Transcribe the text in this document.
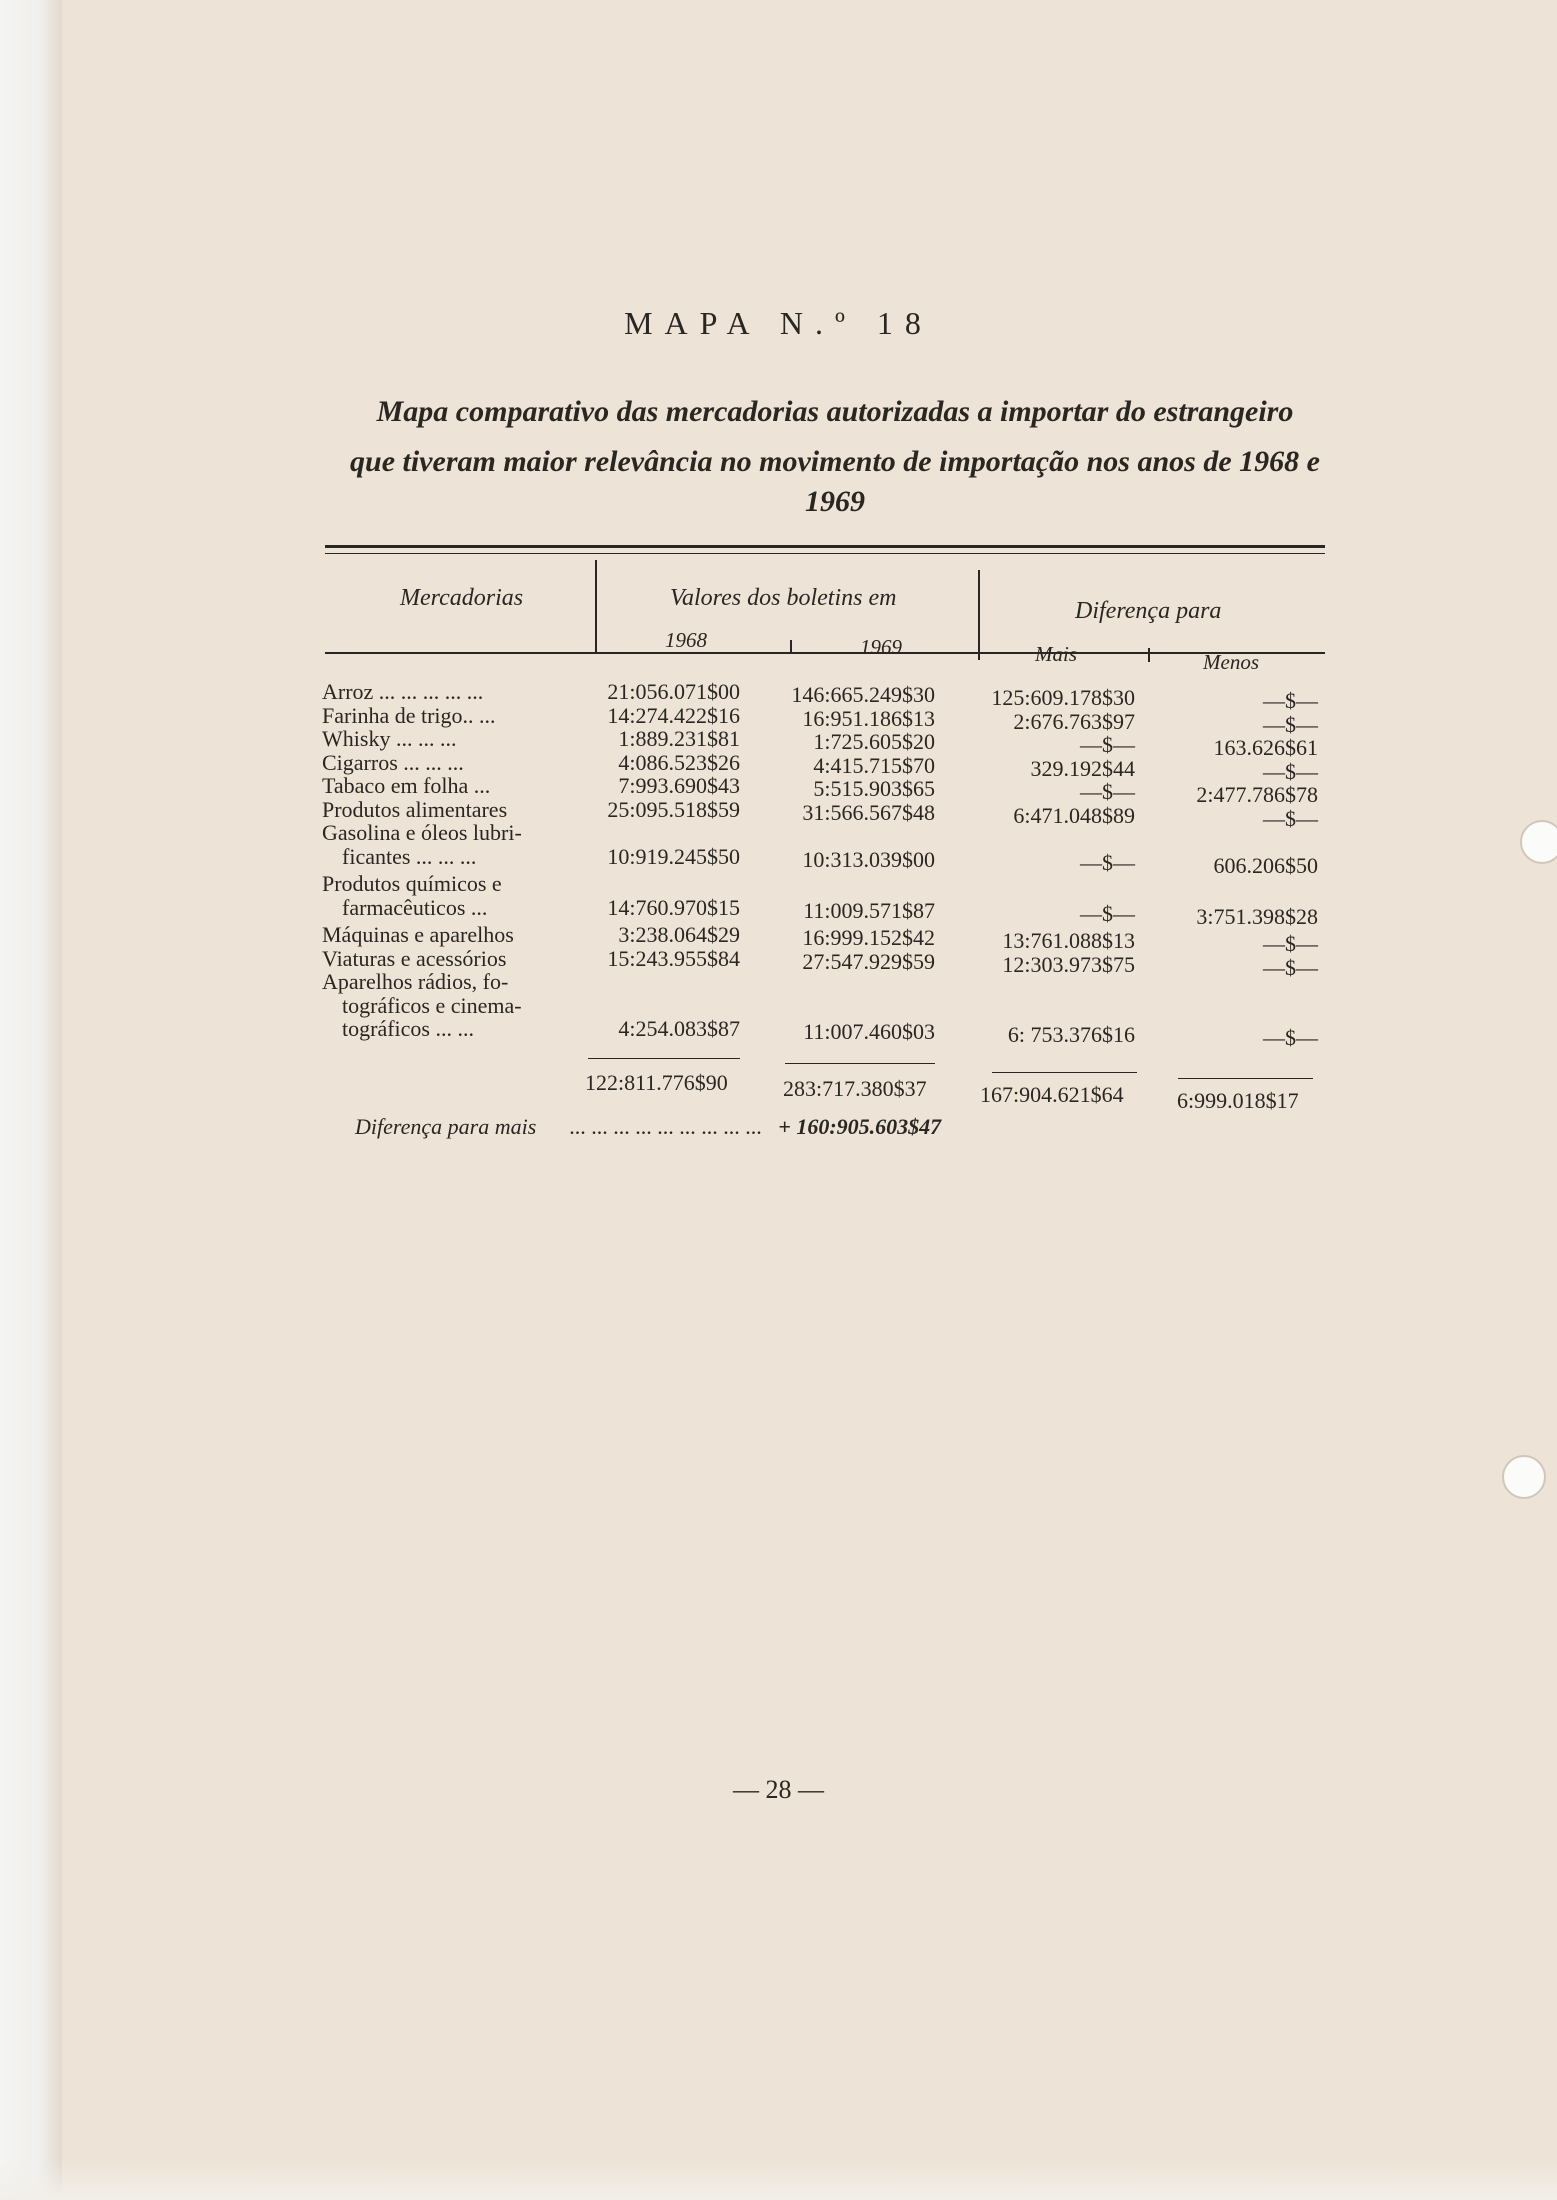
MAPA N.º 18
Mapa comparativo das mercadorias autorizadas a importar do estrangeiro
que tiveram maior relevância no movimento de importação nos anos de 1968 e 1969
Mercadorias	Valores dos boletins em
1968	1969
Diferença para
Mais	Menos
Arroz ... ... ... ... ...	21:056.071$00	146:665.249$30	125:609.178$30	—$—
Farinha de trigo.. ...	14:274.422$16	16:951.186$13	2:676.763$97	—$—
Whisky ... ... ...	1:889.231$81	1:725.605$20	—$—	163.626$61
Cigarros ... ... ...	4:086.523$26	4:415.715$70	329.192$44	—$—
Tabaco em folha ...	7:993.690$43	5:515.903$65	—$—	2:477.786$78
Produtos alimentares	25:095.518$59	31:566.567$48	6:471.048$89	—$—
Gasolina e óleos lubri-
ficantes ... ... ...	10:919.245$50	10:313.039$00	—$—	606.206$50
Produtos químicos e
farmacêuticos ...	14:760.970$15	11:009.571$87	—$—	3:751.398$28
Máquinas e aparelhos	3:238.064$29	16:999.152$42	13:761.088$13	—$—
Viaturas e acessórios	15:243.955$84	27:547.929$59	12:303.973$75	—$—
Aparelhos rádios, fo-
tográficos e cinema-
tográficos ... ...	4:254.083$87	11:007.460$03	6: 753.376$16	—$—
122:811.776$90	283:717.380$37 167:904.621$64 6:999.018$17
Diferença para mais ... ... ... ... ... ... ... ... ... + 160:905.603$47
— 28 —
